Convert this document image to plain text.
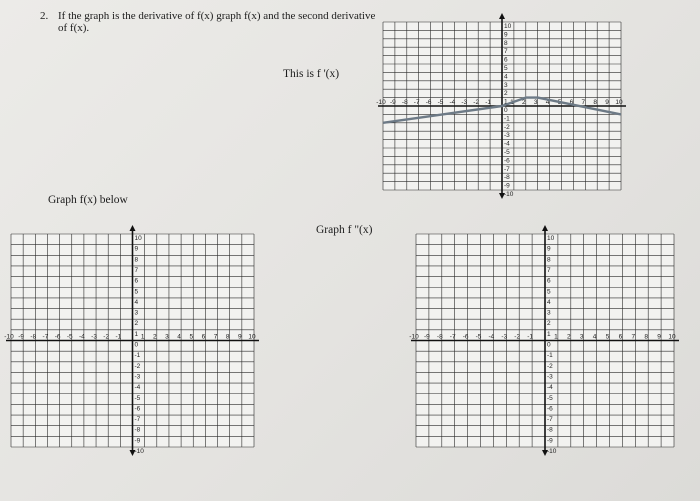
2. If the graph is the derivative of f(x) graph f(x) and the second derivative of f(x).
This is f '(x)
Graph f(x) below
Graph f "(x)
-10 -9 -8 -7 -6 -5 -4 -3 -2 -1	1 2 3 4 5 6 7 8 9 10
10
9
8
7
6
5
4
3
2
1
0
-1
-2
-3
-4
-5
-6
-7
-8
-9
-10
-10 -9 -8 -7 -6 -5 -4 -3 -2 -1	1 2 3 4 5 6 7 8 9 10
10
9
8
7
6
5
4
3
2
1
0
-1
-2
-3
-4
-5
-6
-7
-8
-9
-10
-10 -9 -8 -7 -6 -5 -4 -3 -2 -1	1 2 3 4 5 6 7 8 9 10
10
9
8
7
6
5
4
3
2
1
0
-1
-2
-3
-4
-5
-6
-7
-8
-9
-10
